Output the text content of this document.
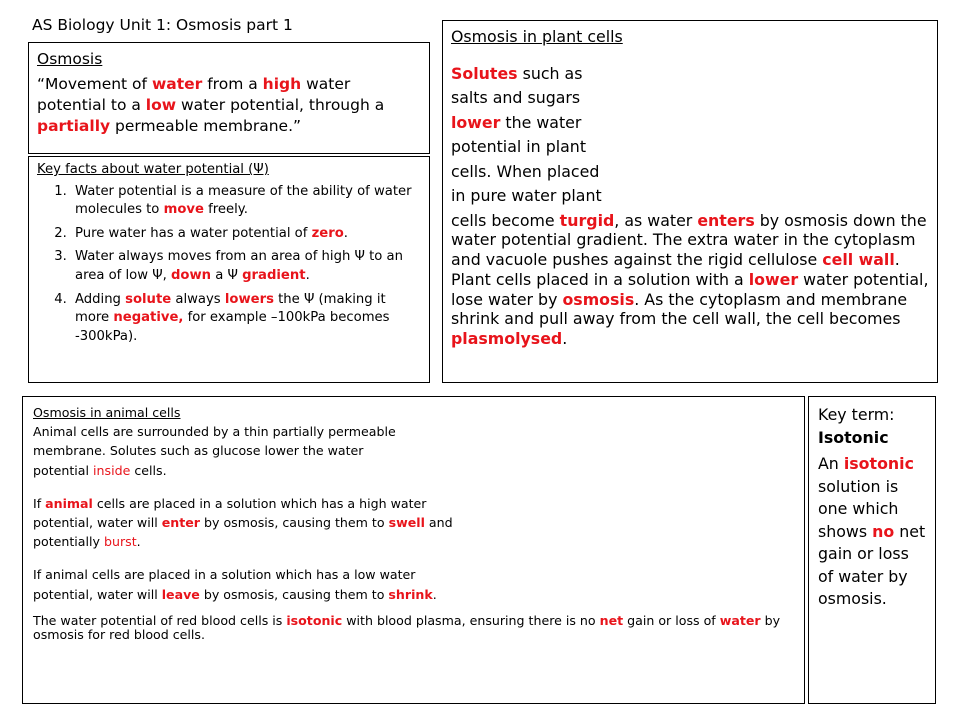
AS Biology Unit 1: Osmosis part 1
Osmosis
“Movement of water from a high water potential to a low water potential, through a partially permeable membrane.”
Key facts about water potential (Ψ)
1. Water potential is a measure of the ability of water molecules to move freely.
2. Pure water has a water potential of zero.
3. Water always moves from an area of high Ψ to an area of low Ψ, down a Ψ gradient.
4. Adding solute always lowers the Ψ (making it more negative, for example –100kPa becomes -300kPa).
Osmosis in plant cells
Solutes such as
salts and sugars
lower the water
potential in plant
cells. When placed
in pure water plant
cells become turgid, as water enters by osmosis down the water potential gradient. The extra water in the cytoplasm and vacuole pushes against the rigid cellulose cell wall. Plant cells placed in a solution with a lower water potential, lose water by osmosis. As the cytoplasm and membrane shrink and pull away from the cell wall, the cell becomes plasmolysed.

Osmosis in animal cells

Animal cells are surrounded by a thin partially permeable membrane. Solutes such as glucose lower the water potential inside cells.

If animal cells are placed in a solution which has a high water potential, water will enter by osmosis, causing them to swell and potentially burst.

If animal cells are placed in a solution which has a low water potential, water will leave by osmosis, causing them to shrink.

The water potential of red blood cells is isotonic with blood plasma, ensuring there is no net gain or loss of water by osmosis for red blood cells.

Key term:
Isotonic
An isotonic solution is one which shows no net gain or loss of water by osmosis.
